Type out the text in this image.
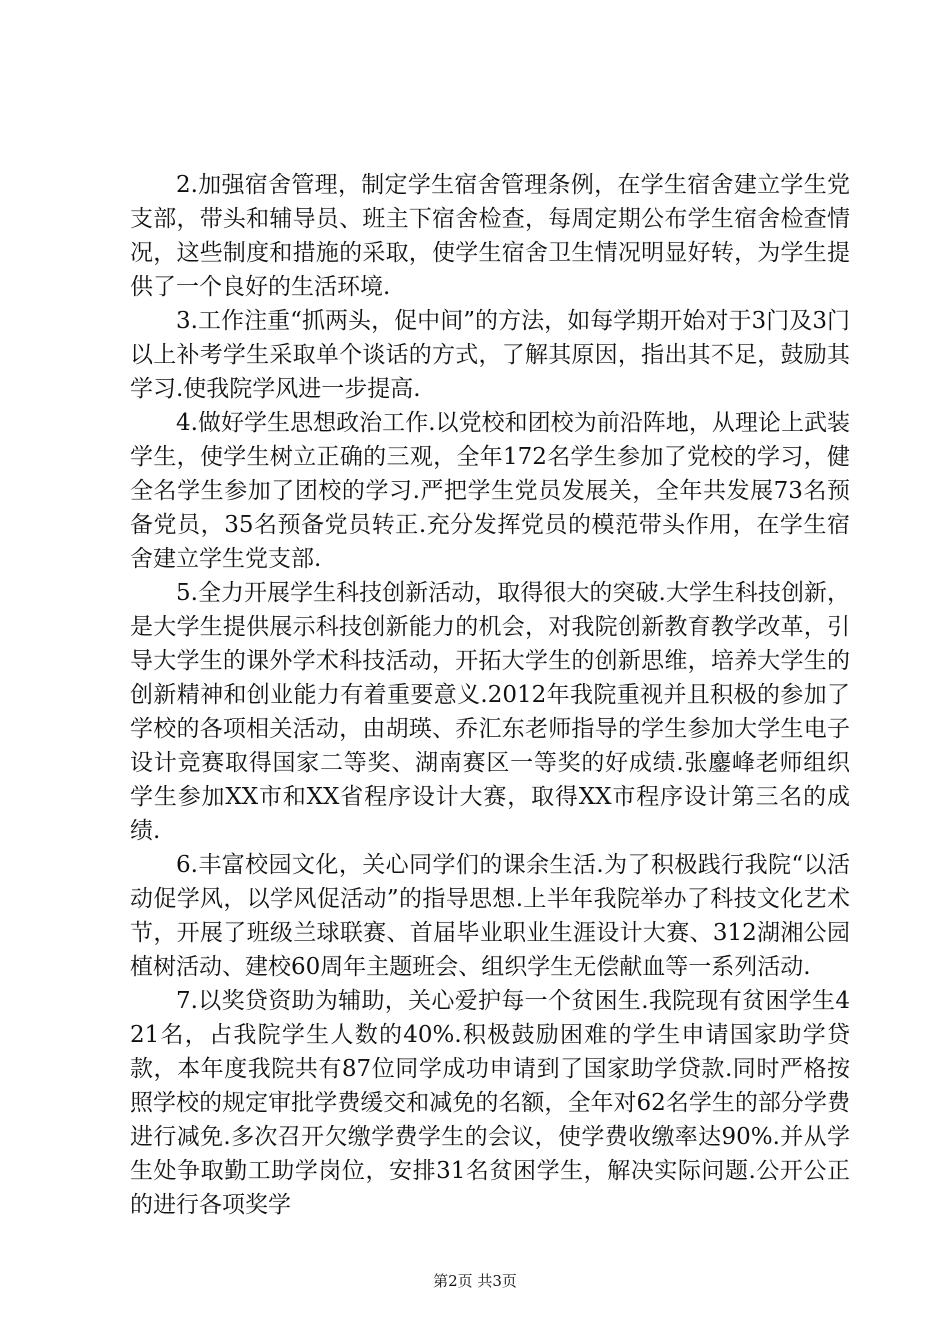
2.加强宿舍管理，制定学生宿舍管理条例，在学生宿舍建立学生党支部，带头和辅导员、班主下宿舍检查，每周定期公布学生宿舍检查情况，这些制度和措施的采取，使学生宿舍卫生情况明显好转，为学生提供了一个良好的生活环境.

3.工作注重“抓两头，促中间”的方法，如每学期开始对于3门及3门以上补考学生采取单个谈话的方式，了解其原因，指出其不足，鼓励其学习.使我院学风进一步提高.

4.做好学生思想政治工作.以党校和团校为前沿阵地，从理论上武装学生，使学生树立正确的三观，全年172名学生参加了党校的学习，健全名学生参加了团校的学习.严把学生党员发展关，全年共发展73名预备党员，35名预备党员转正.充分发挥党员的模范带头作用，在学生宿舍建立学生党支部.

5.全力开展学生科技创新活动，取得很大的突破.大学生科技创新，是大学生提供展示科技创新能力的机会，对我院创新教育教学改革，引导大学生的课外学术科技活动，开拓大学生的创新思维，培养大学生的创新精神和创业能力有着重要意义.2012年我院重视并且积极的参加了学校的各项相关活动，由胡瑛、乔汇东老师指导的学生参加大学生电子设计竞赛取得国家二等奖、湖南赛区一等奖的好成绩.张鏖峰老师组织学生参加XX市和XX省程序设计大赛，取得XX市程序设计第三名的成绩.

6.丰富校园文化，关心同学们的课余生活.为了积极践行我院“以活动促学风，以学风促活动”的指导思想.上半年我院举办了科技文化艺术节，开展了班级兰球联赛、首届毕业职业生涯设计大赛、312湖湘公园植树活动、建校60周年主题班会、组织学生无偿献血等一系列活动.

7.以奖贷资助为辅助，关心爱护每一个贫困生.我院现有贫困学生421名，占我院学生人数的40%.积极鼓励困难的学生申请国家助学贷款，本年度我院共有87位同学成功申请到了国家助学贷款.同时严格按照学校的规定审批学费缓交和减免的名额，全年对62名学生的部分学费进行减免.多次召开欠缴学费学生的会议，使学费收缴率达90%.并从学生处争取勤工助学岗位，安排31名贫困学生，解决实际问题.公开公正的进行各项奖学

第2页 共3页
